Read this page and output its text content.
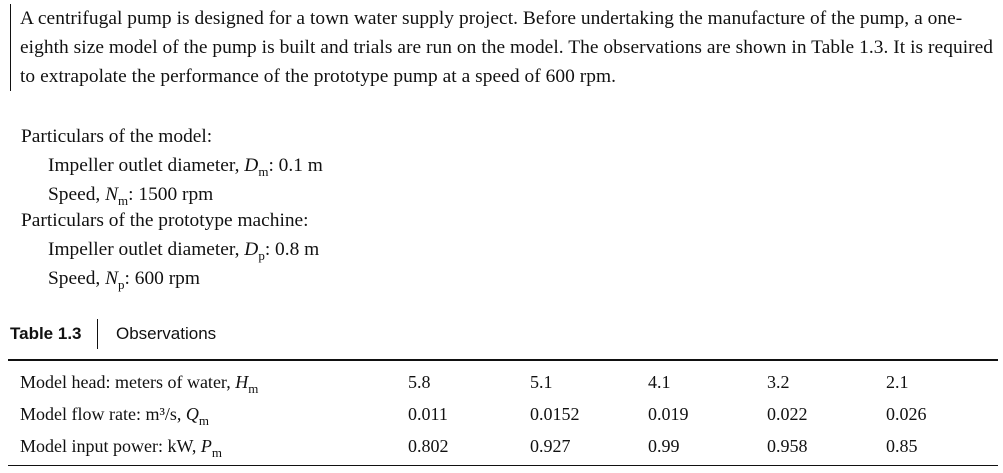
A centrifugal pump is designed for a town water supply project. Before undertaking the manufacture of the pump, a one-eighth size model of the pump is built and trials are run on the model. The observations are shown in Table 1.3. It is required to extrapolate the performance of the prototype pump at a speed of 600 rpm.

Particulars of the model:
Impeller outlet diameter, $D_m$: 0.1 m
Speed, $N_m$: 1500 rpm
Particulars of the prototype machine:
Impeller outlet diameter, $D_p$: 0.8 m
Speed, $N_p$: 600 rpm
Table 1.3 Observations
Model head: meters of water, $H_m$	5.8	5.1	4.1	3.2	2.1
Model flow rate: m³/s, $Q_m$	0.011	0.0152	0.019	0.022	0.026
Model input power: kW, $P_m$	0.802	0.927	0.99	0.958	0.85
